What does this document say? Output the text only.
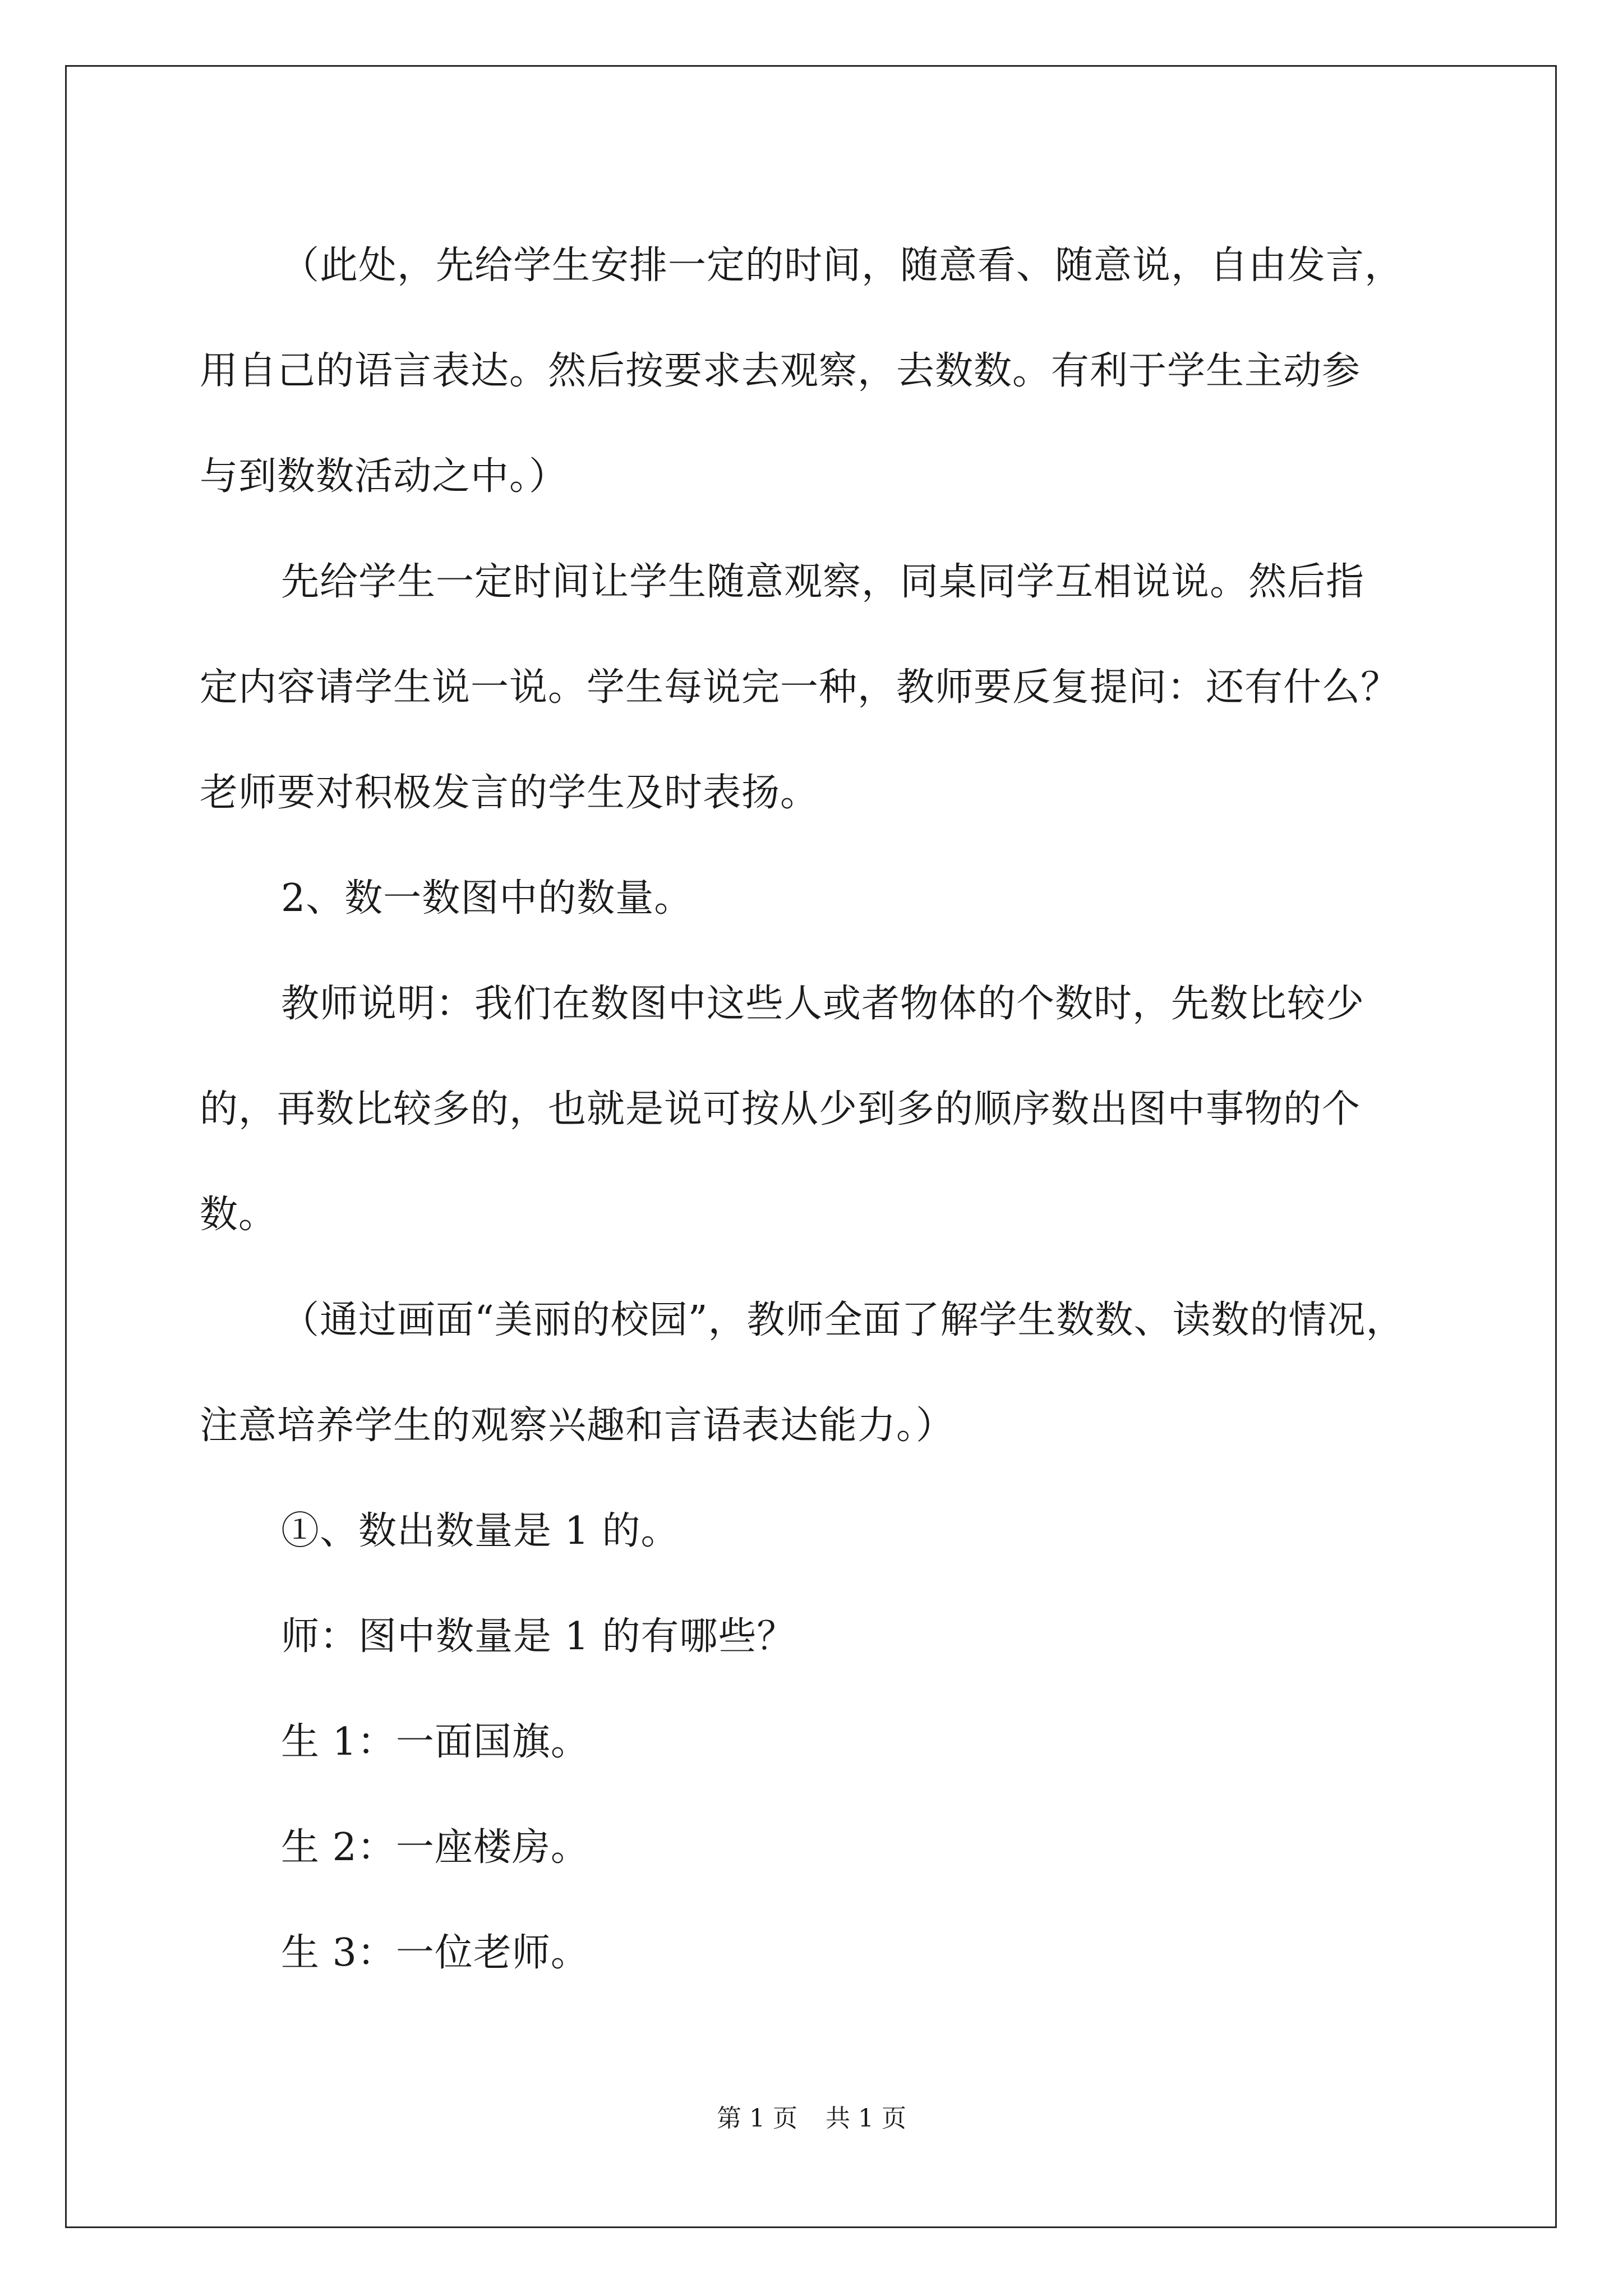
（此处，先给学生安排一定的时间，随意看、随意说，自由发言，

用自己的语言表达。然后按要求去观察，去数数。有利于学生主动参

与到数数活动之中。）

先给学生一定时间让学生随意观察，同桌同学互相说说。然后指

定内容请学生说一说。学生每说完一种，教师要反复提问：还有什么？

老师要对积极发言的学生及时表扬。

2、数一数图中的数量。

教师说明：我们在数图中这些人或者物体的个数时，先数比较少

的，再数比较多的，也就是说可按从少到多的顺序数出图中事物的个

数。

（通过画面“美丽的校园”，教师全面了解学生数数、读数的情况，

注意培养学生的观察兴趣和言语表达能力。）

①、数出数量是 1 的。

师：图中数量是 1 的有哪些？

生 1：一面国旗。

生 2：一座楼房。

生 3：一位老师。

第 1 页 共 1 页
